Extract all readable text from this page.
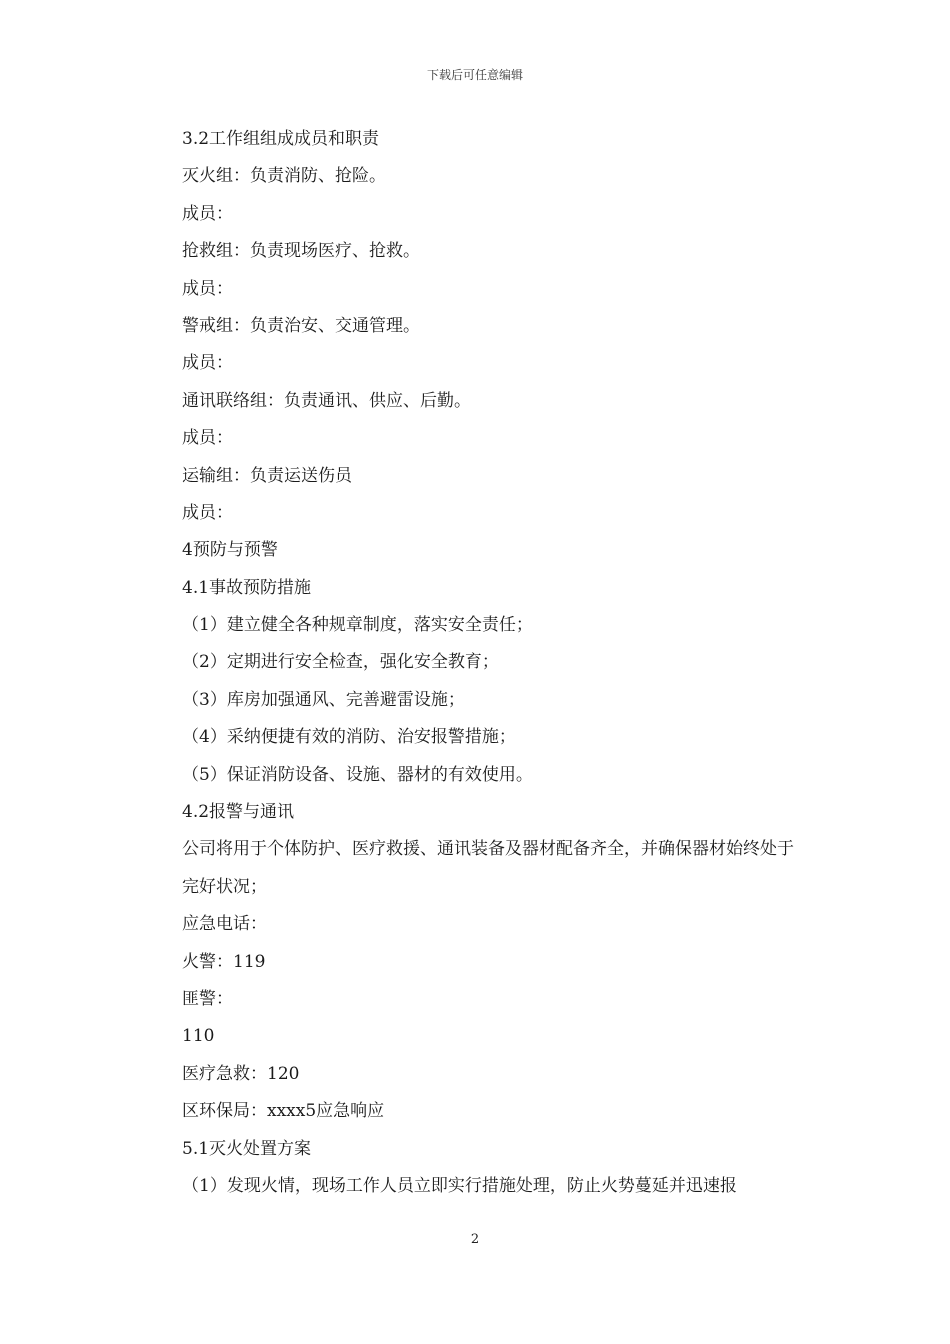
下载后可任意编辑
3.2工作组组成成员和职责
灭火组：负责消防、抢险。
成员：
抢救组：负责现场医疗、抢救。
成员：
警戒组：负责治安、交通管理。
成员：
通讯联络组：负责通讯、供应、后勤。
成员：
运输组：负责运送伤员
成员：
4预防与预警
4.1事故预防措施
（1）建立健全各种规章制度，落实安全责任；
（2）定期进行安全检查，强化安全教育；
（3）库房加强通风、完善避雷设施；
（4）采纳便捷有效的消防、治安报警措施；
（5）保证消防设备、设施、器材的有效使用。
4.2报警与通讯
公司将用于个体防护、医疗救援、通讯装备及器材配备齐全，并确保器材始终处于完好状况；
应急电话：
火警：119
匪警：
110
医疗急救：120
区环保局：xxxx5应急响应
5.1灭火处置方案
（1）发现火情，现场工作人员立即实行措施处理，防止火势蔓延并迅速报
2
